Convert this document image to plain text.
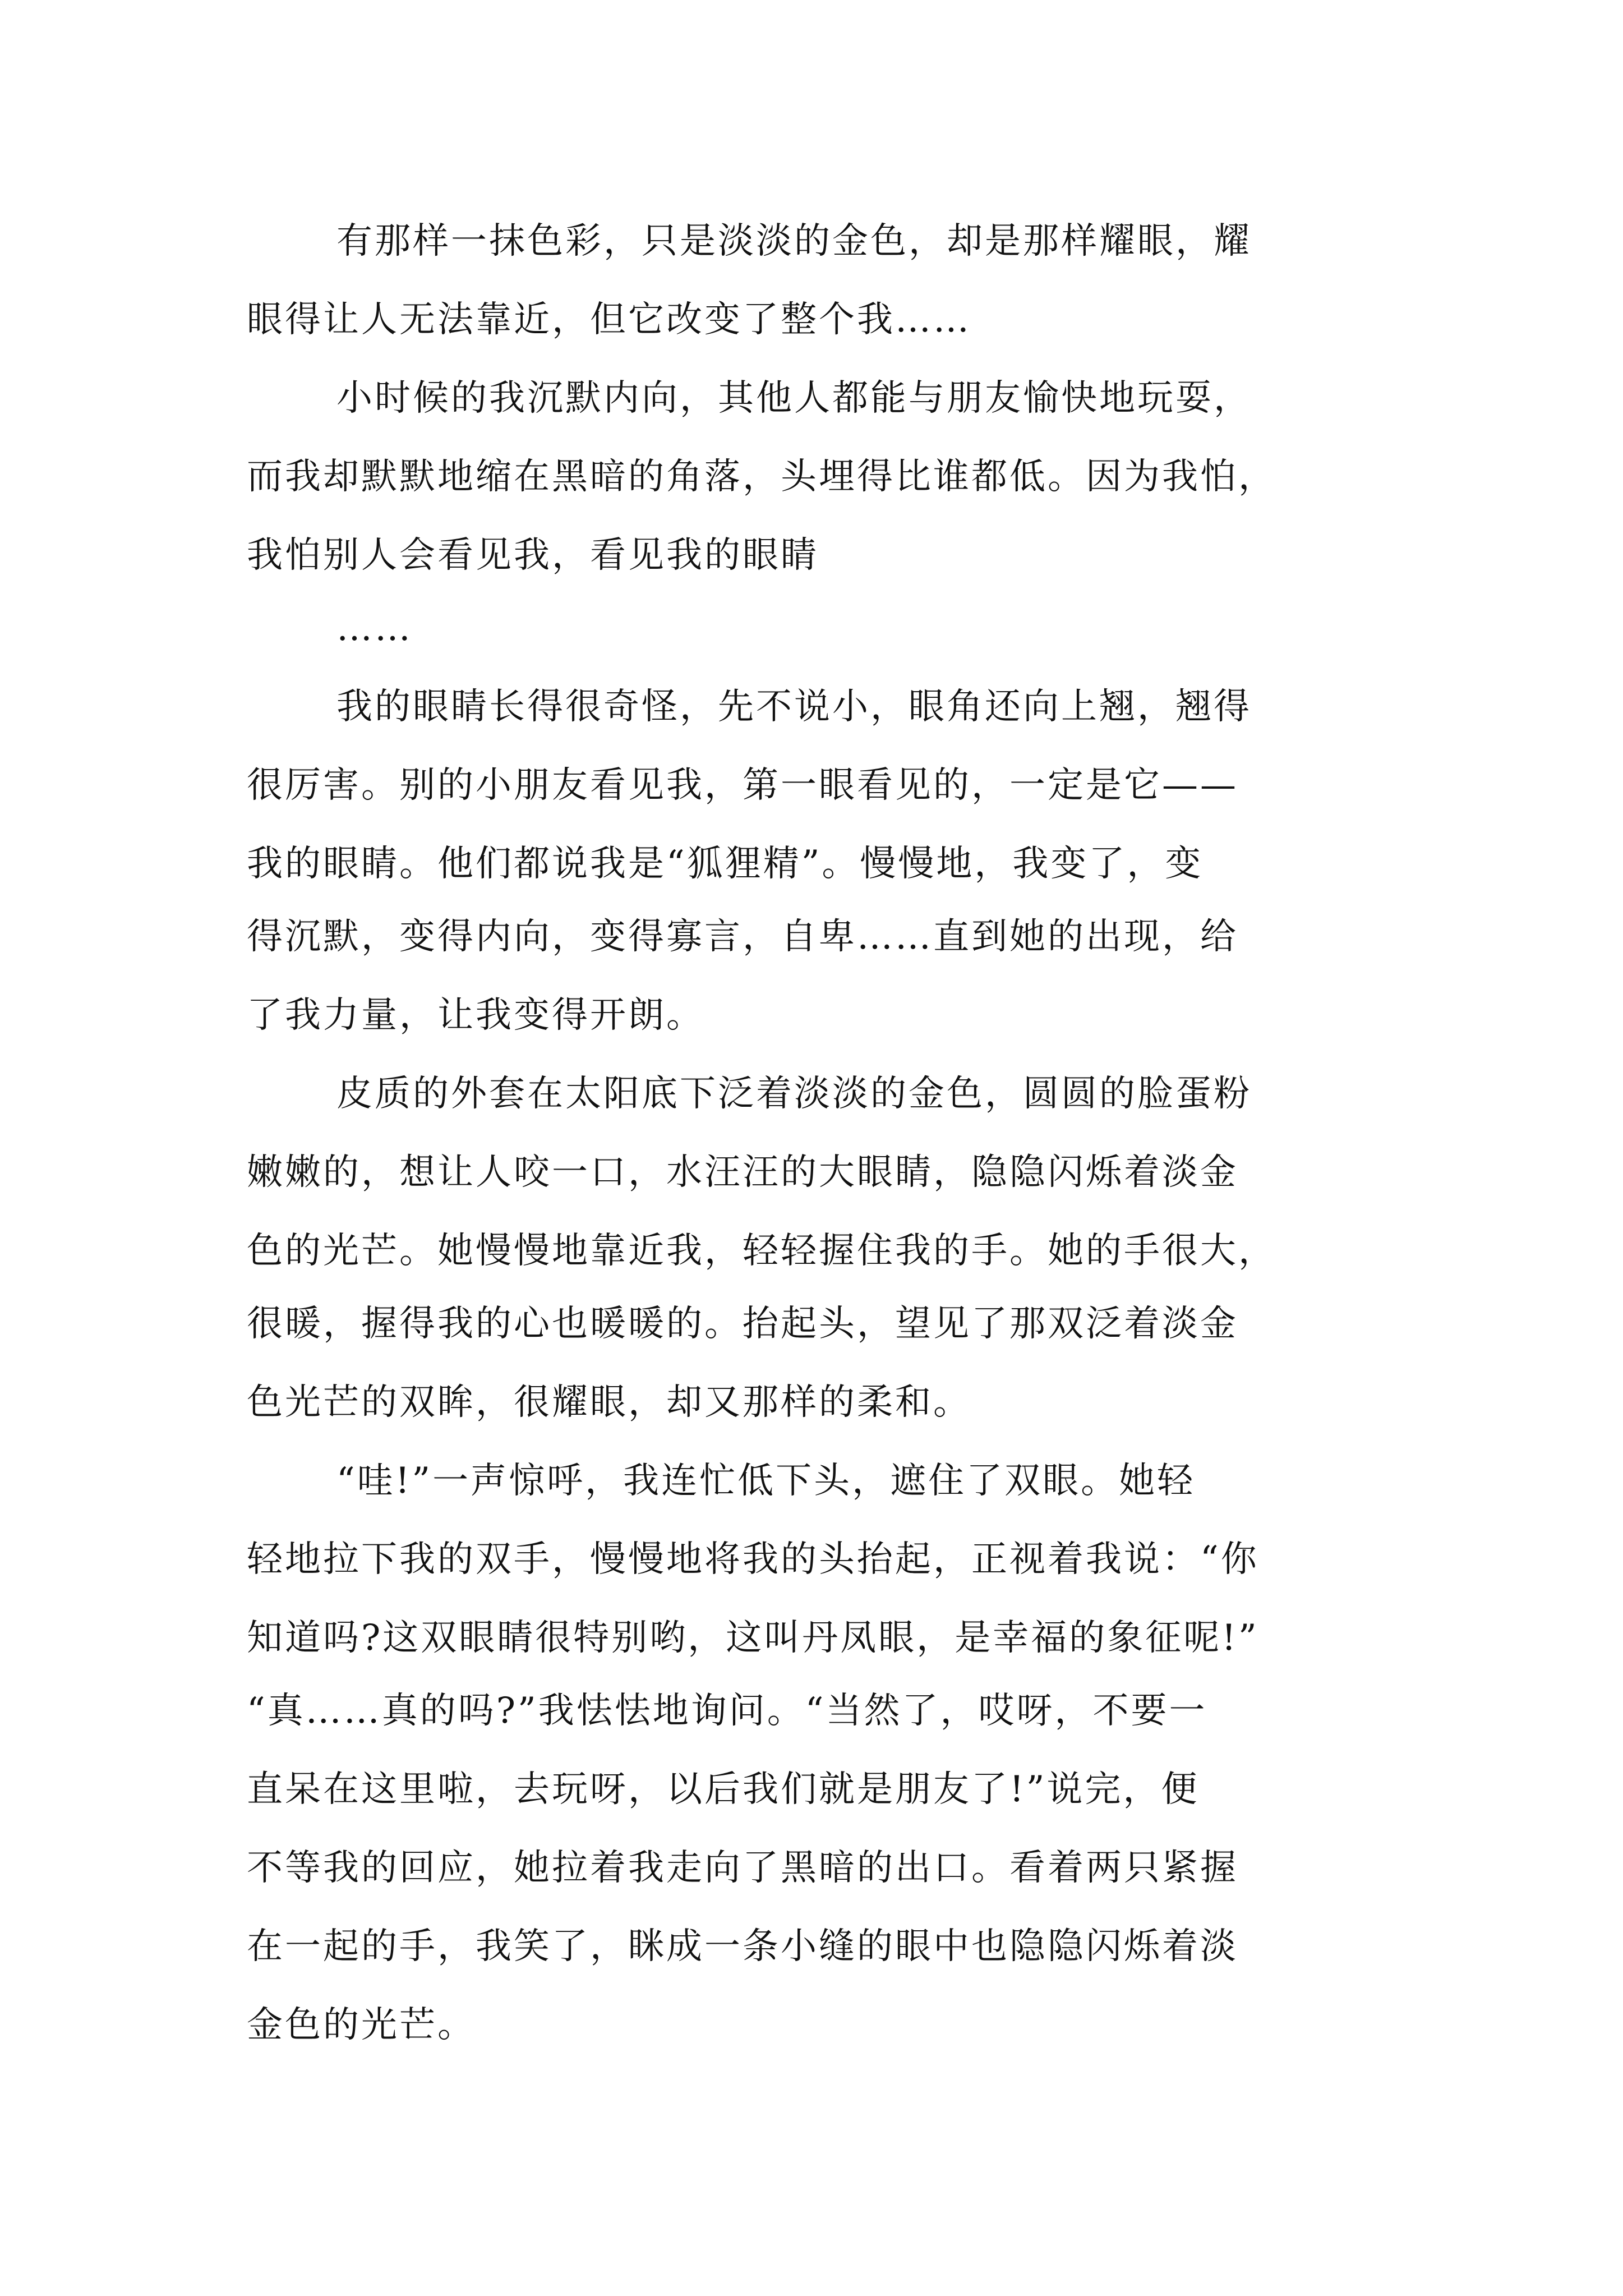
有那样一抹色彩，只是淡淡的金色，却是那样耀眼，耀
眼得让人无法靠近，但它改变了整个我……
小时候的我沉默内向，其他人都能与朋友愉快地玩耍，
而我却默默地缩在黑暗的角落，头埋得比谁都低。因为我怕，
我怕别人会看见我，看见我的眼睛
……
我的眼睛长得很奇怪，先不说小，眼角还向上翘，翘得
很厉害。别的小朋友看见我，第一眼看见的，一定是它——
我的眼睛。他们都说我是“狐狸精”。慢慢地，我变了，变
得沉默，变得内向，变得寡言，自卑……直到她的出现，给
了我力量，让我变得开朗。
皮质的外套在太阳底下泛着淡淡的金色，圆圆的脸蛋粉
嫩嫩的，想让人咬一口，水汪汪的大眼睛，隐隐闪烁着淡金
色的光芒。她慢慢地靠近我，轻轻握住我的手。她的手很大，
很暖，握得我的心也暖暖的。抬起头，望见了那双泛着淡金
色光芒的双眸，很耀眼，却又那样的柔和。
“哇!”一声惊呼，我连忙低下头，遮住了双眼。她轻
轻地拉下我的双手，慢慢地将我的头抬起，正视着我说：“你
知道吗?这双眼睛很特别哟，这叫丹凤眼，是幸福的象征呢!”
“真……真的吗?”我怯怯地询问。“当然了，哎呀，不要一
直呆在这里啦，去玩呀，以后我们就是朋友了!”说完，便
不等我的回应，她拉着我走向了黑暗的出口。看着两只紧握
在一起的手，我笑了，眯成一条小缝的眼中也隐隐闪烁着淡
金色的光芒。
